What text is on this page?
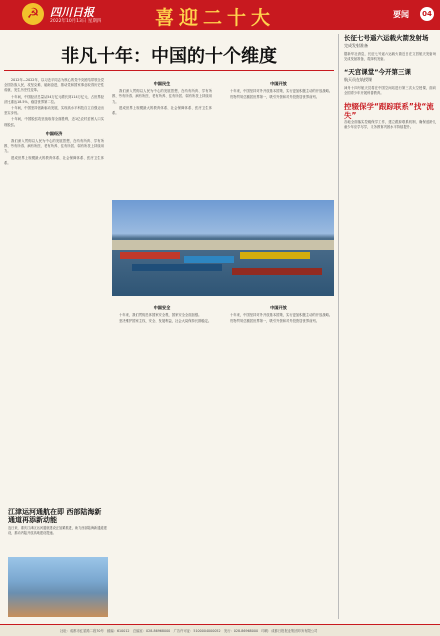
☭ 四川日报
2022年10月13日 星期四	喜迎二十大	要闻	04
非凡十年：中国的十个维度

2012年—2022年，以习近平同志为核心的党中央团结带领全党全国各族人民，攻坚克难、砥砺奋进，推动党和国家事业取得历史性成就、发生历史性变革。

十年间，中国经济总量从54万亿元增长到114万亿元，占世界经济比重达18.5%，稳居世界第二位。

十年间，中国坚持创新驱动发展，实现高水平科技自立自强迈出坚实步伐。

十年间，中国脱贫攻坚战取得全面胜利，近1亿农村贫困人口实现脱贫。

中国经济

我们深入贯彻以人民为中心的发展思想，在幼有所育、学有所教、劳有所得、病有所医、老有所养、住有所居、弱有所扶上持续用力。

建成世界上规模最大的教育体系、社会保障体系、医疗卫生体系。

中国民生

我们深入贯彻以人民为中心的发展思想，在幼有所育、学有所教、劳有所得、病有所医、老有所养、住有所居、弱有所扶上持续用力。

建成世界上规模最大的教育体系、社会保障体系、医疗卫生体系。

中国开放

十年来，中国坚持对外开放基本国策，实行更加积极主动的开放战略。

货物贸易总额居世界第一，吸引外资和对外投资居世界前列。

中国安全

十年来，我们贯彻总体国家安全观，国家安全全面加强。

坚决维护国家主权、安全、发展利益，社会大局保持长期稳定。

中国开放

十年来，中国坚持对外开放基本国策，实行更加积极主动的开放战略。

货物贸易总额居世界第一，吸引外资和对外投资居世界前列。

江津运河通航在即 西部陆海新通道再添新动能
连日来，重庆江津区运河通航建设正加紧推进，助力西部陆海新通道建设，推动内陆开放高地建设提速。
长征七号遥六运载火箭发射场
完成发射准备
据新华社消息，长征七号遥六运载火箭近日在文昌航天发射场完成发射准备，将择机发射。
“天宫课堂”今开第三课
航天员在轨授课
神舟十四号航天员将在中国空间站进行第三次太空授课，面向全国青少年开展科普教育。
控辍保学“跟踪联系”找“流失”
各地全面落实控辍保学工作，建立跟踪联系机制，确保适龄儿童少年应学尽学，义务教育巩固水平持续提升。
社址：成都市红星路二段70号　邮编：610012　总编室：028-86968000　广告许可证：5100004000052　发行：028-86968000　印刷：成都日报报业集团印务有限公司
